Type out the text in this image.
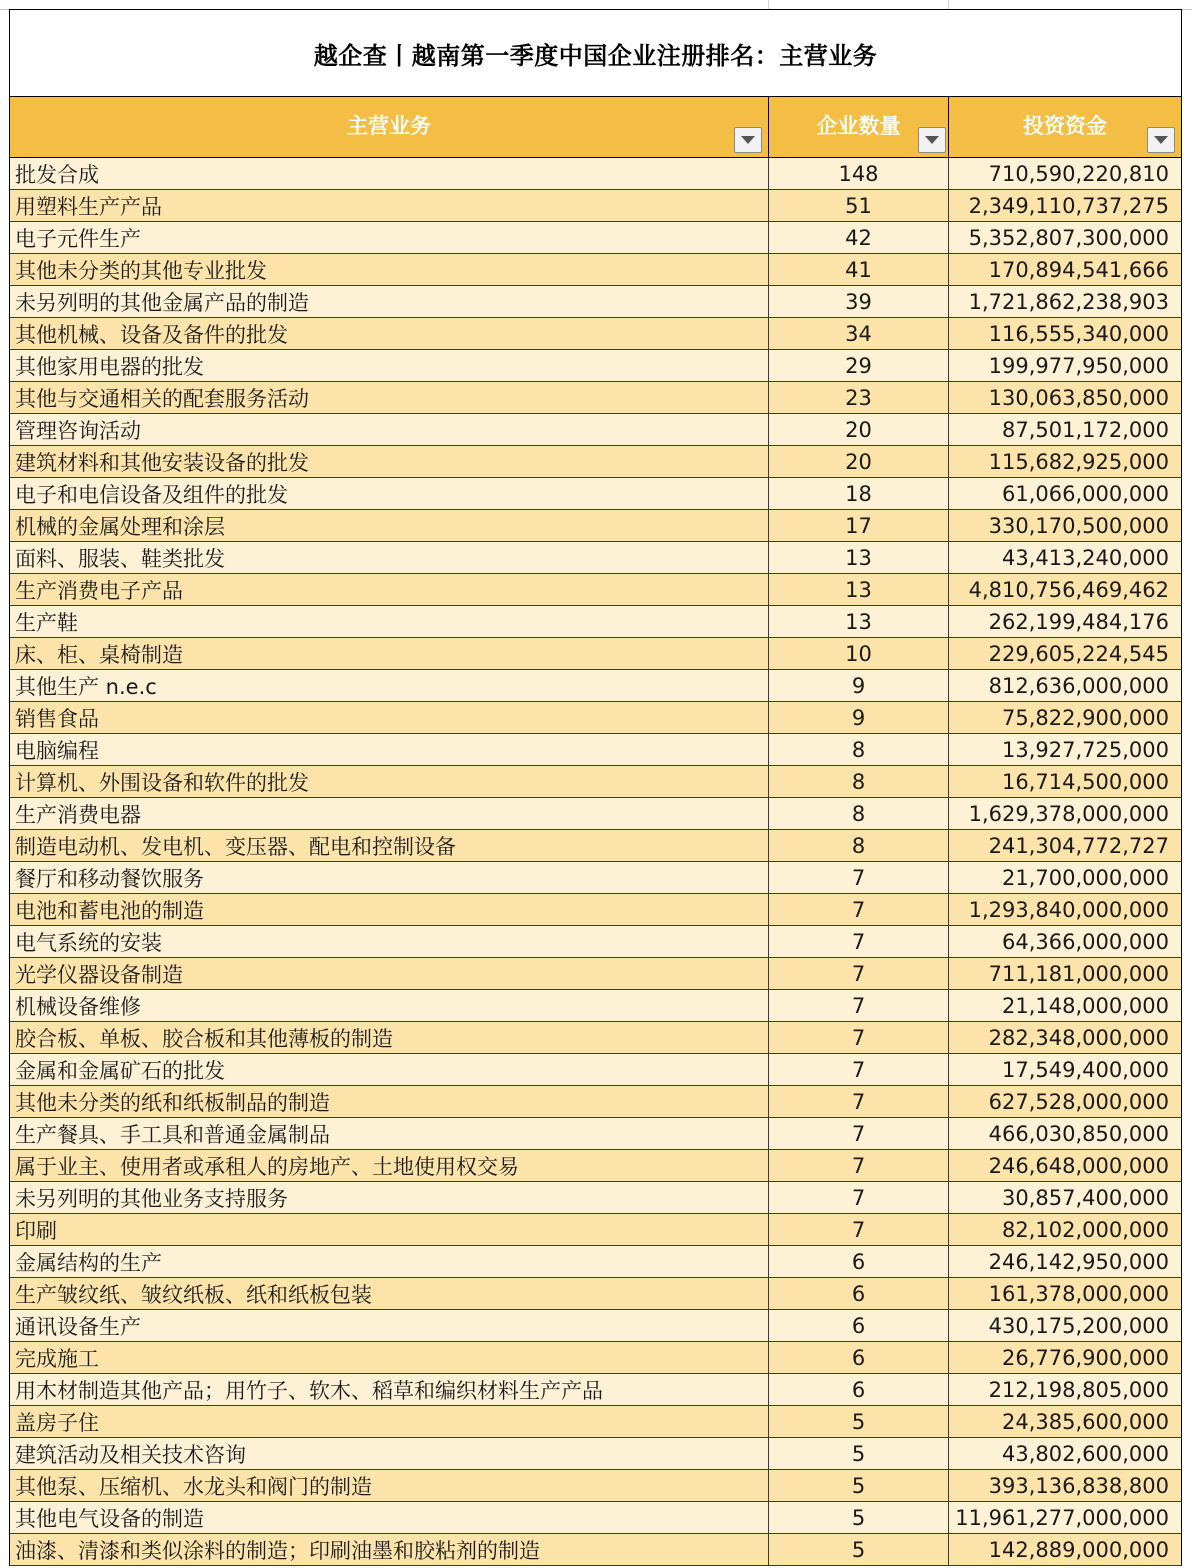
越企查丨越南第一季度中国企业注册排名：主营业务
主营业务	企业数量	投资资金
批发合成	148	710,590,220,810
用塑料生产产品	51	2,349,110,737,275
电子元件生产	42	5,352,807,300,000
其他未分类的其他专业批发	41	170,894,541,666
未另列明的其他金属产品的制造	39	1,721,862,238,903
其他机械、设备及备件的批发	34	116,555,340,000
其他家用电器的批发	29	199,977,950,000
其他与交通相关的配套服务活动	23	130,063,850,000
管理咨询活动	20	87,501,172,000
建筑材料和其他安装设备的批发	20	115,682,925,000
电子和电信设备及组件的批发	18	61,066,000,000
机械的金属处理和涂层	17	330,170,500,000
面料、服装、鞋类批发	13	43,413,240,000
生产消费电子产品	13	4,810,756,469,462
生产鞋	13	262,199,484,176
床、柜、桌椅制造	10	229,605,224,545
其他生产 n.e.c	9	812,636,000,000
销售食品	9	75,822,900,000
电脑编程	8	13,927,725,000
计算机、外围设备和软件的批发	8	16,714,500,000
生产消费电器	8	1,629,378,000,000
制造电动机、发电机、变压器、配电和控制设备	8	241,304,772,727
餐厅和移动餐饮服务	7	21,700,000,000
电池和蓄电池的制造	7	1,293,840,000,000
电气系统的安装	7	64,366,000,000
光学仪器设备制造	7	711,181,000,000
机械设备维修	7	21,148,000,000
胶合板、单板、胶合板和其他薄板的制造	7	282,348,000,000
金属和金属矿石的批发	7	17,549,400,000
其他未分类的纸和纸板制品的制造	7	627,528,000,000
生产餐具、手工具和普通金属制品	7	466,030,850,000
属于业主、使用者或承租人的房地产、土地使用权交易	7	246,648,000,000
未另列明的其他业务支持服务	7	30,857,400,000
印刷	7	82,102,000,000
金属结构的生产	6	246,142,950,000
生产皱纹纸、皱纹纸板、纸和纸板包装	6	161,378,000,000
通讯设备生产	6	430,175,200,000
完成施工	6	26,776,900,000
用木材制造其他产品；用竹子、软木、稻草和编织材料生产产品	6	212,198,805,000
盖房子住	5	24,385,600,000
建筑活动及相关技术咨询	5	43,802,600,000
其他泵、压缩机、水龙头和阀门的制造	5	393,136,838,800
其他电气设备的制造	5	11,961,277,000,000
油漆、清漆和类似涂料的制造；印刷油墨和胶粘剂的制造	5	142,889,000,000
